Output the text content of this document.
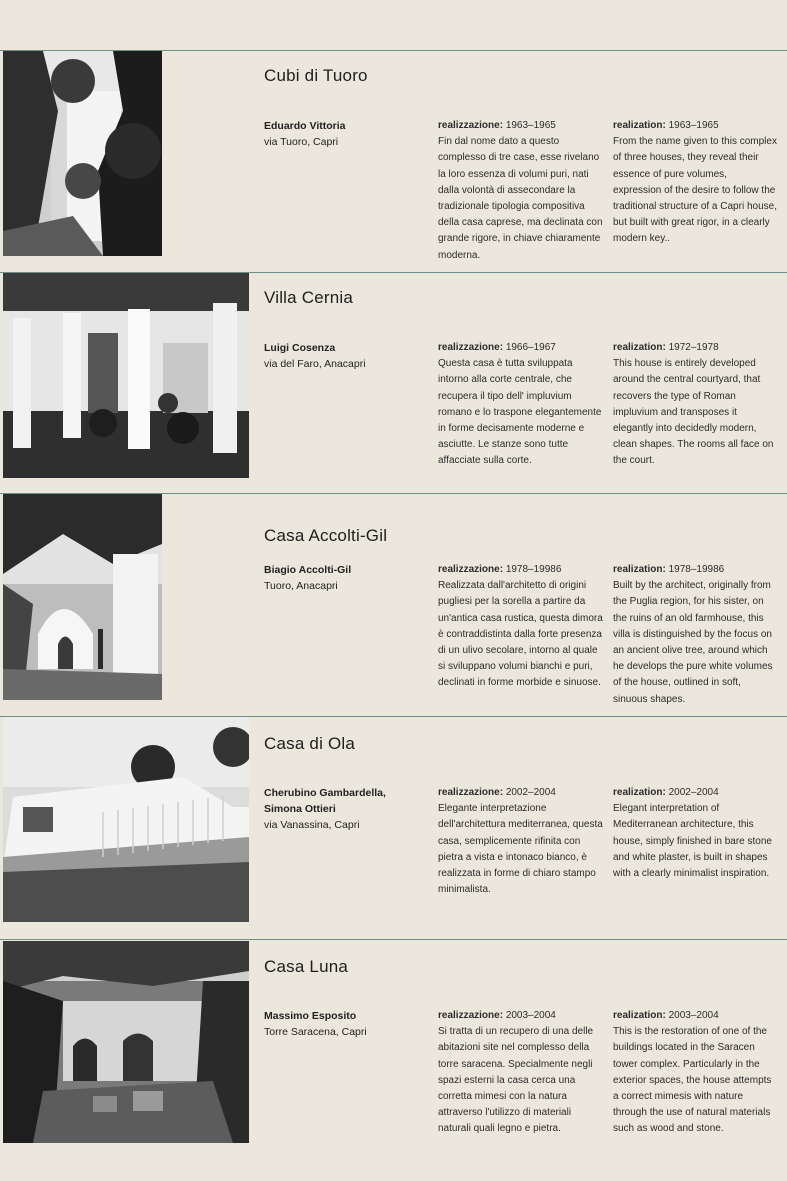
Cubi di Tuoro
Eduardo Vittoria
via Tuoro, Capri

realizzazione: 1963–1965

Fin dal nome dato a questo complesso di tre case, esse rivelano la loro essenza di volumi puri, nati dalla volontà di assecondare la tradizionale tipologia compositiva della casa caprese, ma declinata con grande rigore, in chiave chiaramente moderna.

realization: 1963–1965

From the name given to this complex of three houses, they reveal their essence of pure volumes, expression of the desire to follow the traditional structure of a Capri house, but built with great rigor, in a clearly modern key..

Villa Cernia
Luigi Cosenza
via del Faro, Anacapri

realizzazione: 1966–1967

Questa casa è tutta sviluppata intorno alla corte centrale, che recupera il tipo dell' impluvium romano e lo traspone elegantemente in forme decisamente moderne e asciutte. Le stanze sono tutte affacciate sulla corte.

realization: 1972–1978

This house is entirely developed around the central courtyard, that recovers the type of Roman impluvium and transposes it elegantly into decidedly modern, clean shapes. The rooms all face on the court.

Casa Accolti-Gil
Biagio Accolti-Gil
Tuoro, Anacapri

realizzazione: 1978–19986

Realizzata dall'architetto di origini pugliesi per la sorella a partire da un'antica casa rustica, questa dimora è contraddistinta dalla forte presenza di un ulivo secolare, intorno al quale si sviluppano volumi bianchi e puri, declinati in forme morbide e sinuose.

realization: 1978–19986

Built by the architect, originally from the Puglia region, for his sister, on the ruins of an old farmhouse, this villa is distinguished by the focus on an ancient olive tree, around which he develops the pure white volumes of the house, outlined in soft, sinuous shapes.

Casa di Ola
Cherubino Gambardella,
Simona Ottieri
via Vanassina, Capri

realizzazione: 2002–2004

Elegante interpretazione dell'architettura mediterranea, questa casa, semplicemente rifinita con pietra a vista e intonaco bianco, è realizzata in forme di chiaro stampo minimalista.

realization: 2002–2004

Elegant interpretation of Mediterranean architecture, this house, simply finished in bare stone and white plaster, is built in shapes with a clearly minimalist inspiration.

Casa Luna
Massimo Esposito
Torre Saracena, Capri

realizzazione: 2003–2004

Si tratta di un recupero di una delle abitazioni site nel complesso della torre saracena. Specialmente negli spazi esterni la casa cerca una corretta mimesi con la natura attraverso l'utilizzo di materiali naturali quali legno e pietra.

realization: 2003–2004

This is the restoration of one of the buildings located in the Saracen tower complex. Particularly in the exterior spaces, the house attempts a correct mimesis with nature through the use of natural materials such as wood and stone.
